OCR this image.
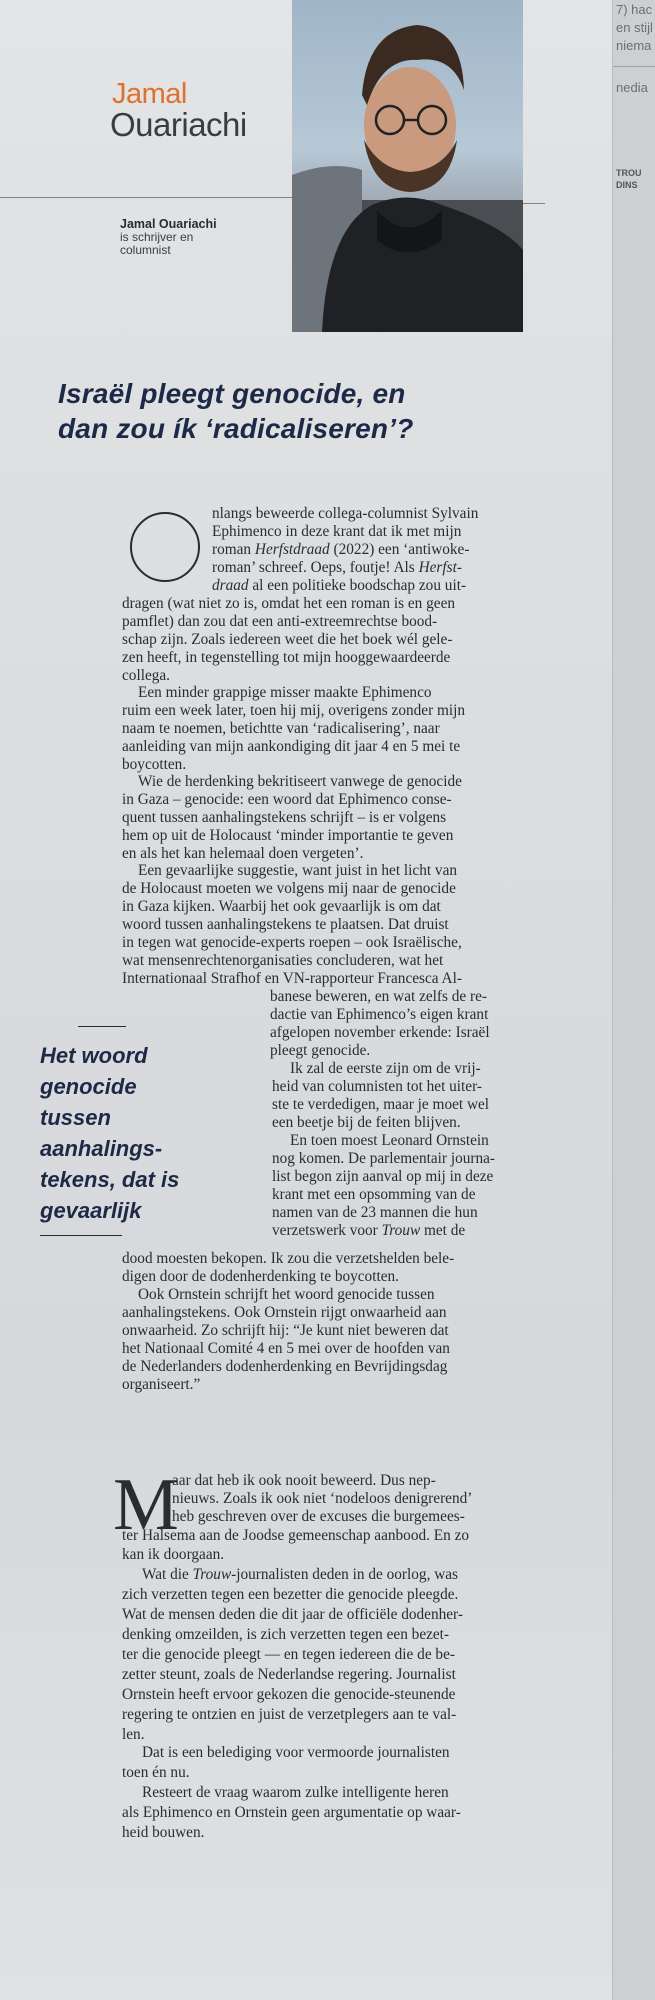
Jamal
Ouariachi
Jamal Ouariachi
is schrijver en
columnist
Israël pleegt genocide, en
dan zou ík ‘radicaliseren’?
M
nlangs beweerde collega-columnist Sylvain
Ephimenco in deze krant dat ik met mijn
roman Herfstdraad (2022) een ‘antiwoke-
roman’ schreef. Oeps, foutje! Als Herfst-
draad al een politieke boodschap zou uit-
dragen (wat niet zo is, omdat het een roman is en geen
pamflet) dan zou dat een anti-extreemrechtse bood-
schap zijn. Zoals iedereen weet die het boek wél gele-
zen heeft, in tegenstelling tot mijn hooggewaardeerde
collega.
Een minder grappige misser maakte Ephimenco
ruim een week later, toen hij mij, overigens zonder mijn
naam te noemen, betichtte van ‘radicalisering’, naar
aanleiding van mijn aankondiging dit jaar 4 en 5 mei te
boycotten.
Wie de herdenking bekritiseert vanwege de genocide
in Gaza – genocide: een woord dat Ephimenco conse-
quent tussen aanhalingstekens schrijft – is er volgens
hem op uit de Holocaust ‘minder importantie te geven
en als het kan helemaal doen vergeten’.
Een gevaarlijke suggestie, want juist in het licht van
de Holocaust moeten we volgens mij naar de genocide
in Gaza kijken. Waarbij het ook gevaarlijk is om dat
woord tussen aanhalingstekens te plaatsen. Dat druist
in tegen wat genocide-experts roepen – ook Israëlische,
wat mensenrechtenorganisaties concluderen, wat het
Internationaal Strafhof en VN-rapporteur Francesca Al-
banese beweren, en wat zelfs de re-
dactie van Ephimenco’s eigen krant
afgelopen november erkende: Israël
pleegt genocide.
Ik zal de eerste zijn om de vrij-
heid van columnisten tot het uiter-
ste te verdedigen, maar je moet wel
een beetje bij de feiten blijven.
En toen moest Leonard Ornstein
nog komen. De parlementair journa-
list begon zijn aanval op mij in deze
krant met een opsomming van de
namen van de 23 mannen die hun
verzetswerk voor Trouw met de
dood moesten bekopen. Ik zou die verzetshelden bele-
digen door de dodenherdenking te boycotten.
Ook Ornstein schrijft het woord genocide tussen
aanhalingstekens. Ook Ornstein rijgt onwaarheid aan
onwaarheid. Zo schrijft hij: “Je kunt niet beweren dat
het Nationaal Comité 4 en 5 mei over de hoofden van
de Nederlanders dodenherdenking en Bevrijdingsdag
organiseert.”
aar dat heb ik ook nooit beweerd. Dus nep-
nieuws. Zoals ik ook niet ‘nodeloos denigrerend’
heb geschreven over de excuses die burgemees-
ter Halsema aan de Joodse gemeenschap aanbood. En zo
kan ik doorgaan.
Wat die Trouw-journalisten deden in de oorlog, was
zich verzetten tegen een bezetter die genocide pleegde.
Wat de mensen deden die dit jaar de officiële dodenher-
denking omzeilden, is zich verzetten tegen een bezet-
ter die genocide pleegt — en tegen iedereen die de be-
zetter steunt, zoals de Nederlandse regering. Journalist
Ornstein heeft ervoor gekozen die genocide-steunende
regering te ontzien en juist de verzetplegers aan te val-
len.
Dat is een belediging voor vermoorde journalisten
toen én nu.
Resteert de vraag waarom zulke intelligente heren
als Ephimenco en Ornstein geen argumentatie op waar-
heid bouwen.
Het woord
genocide
tussen
aanhalings-
tekens, dat is
gevaarlijk
7) hac
en stijl
niema
nedia
TROU
DINS
